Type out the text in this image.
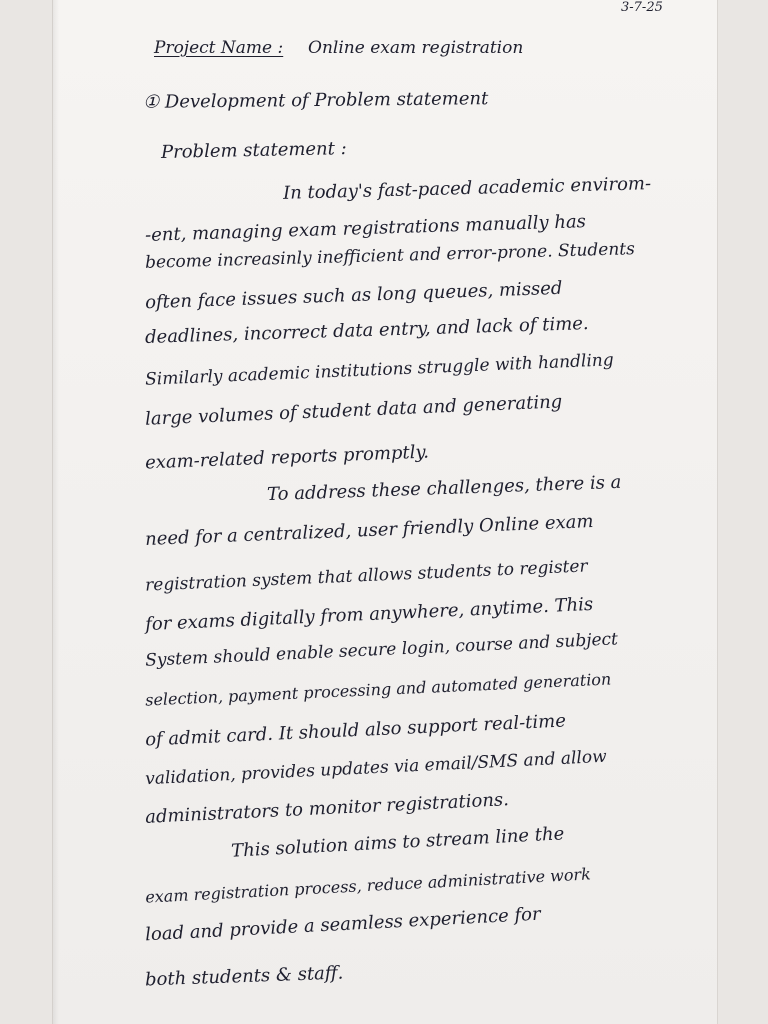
3-7-25
Project Name : Online exam registration
① Development of Problem statement
Problem statement :
In today's fast-paced academic envirom-
-ent, managing exam registrations manually has
become increasinly inefficient and error-prone. Students
often face issues such as long queues, missed
deadlines, incorrect data entry, and lack of time.
Similarly academic institutions struggle with handling
large volumes of student data and generating
exam-related reports promptly.
To address these challenges, there is a
need for a centralized, user friendly Online exam
registration system that allows students to register
for exams digitally from anywhere, anytime. This
System should enable secure login, course and subject
selection, payment processing and automated generation
of admit card. It should also support real-time
validation, provides updates via email/SMS and allow
administrators to monitor registrations.
This solution aims to stream line the
exam registration process, reduce administrative work
load and provide a seamless experience for
both students & staff.
